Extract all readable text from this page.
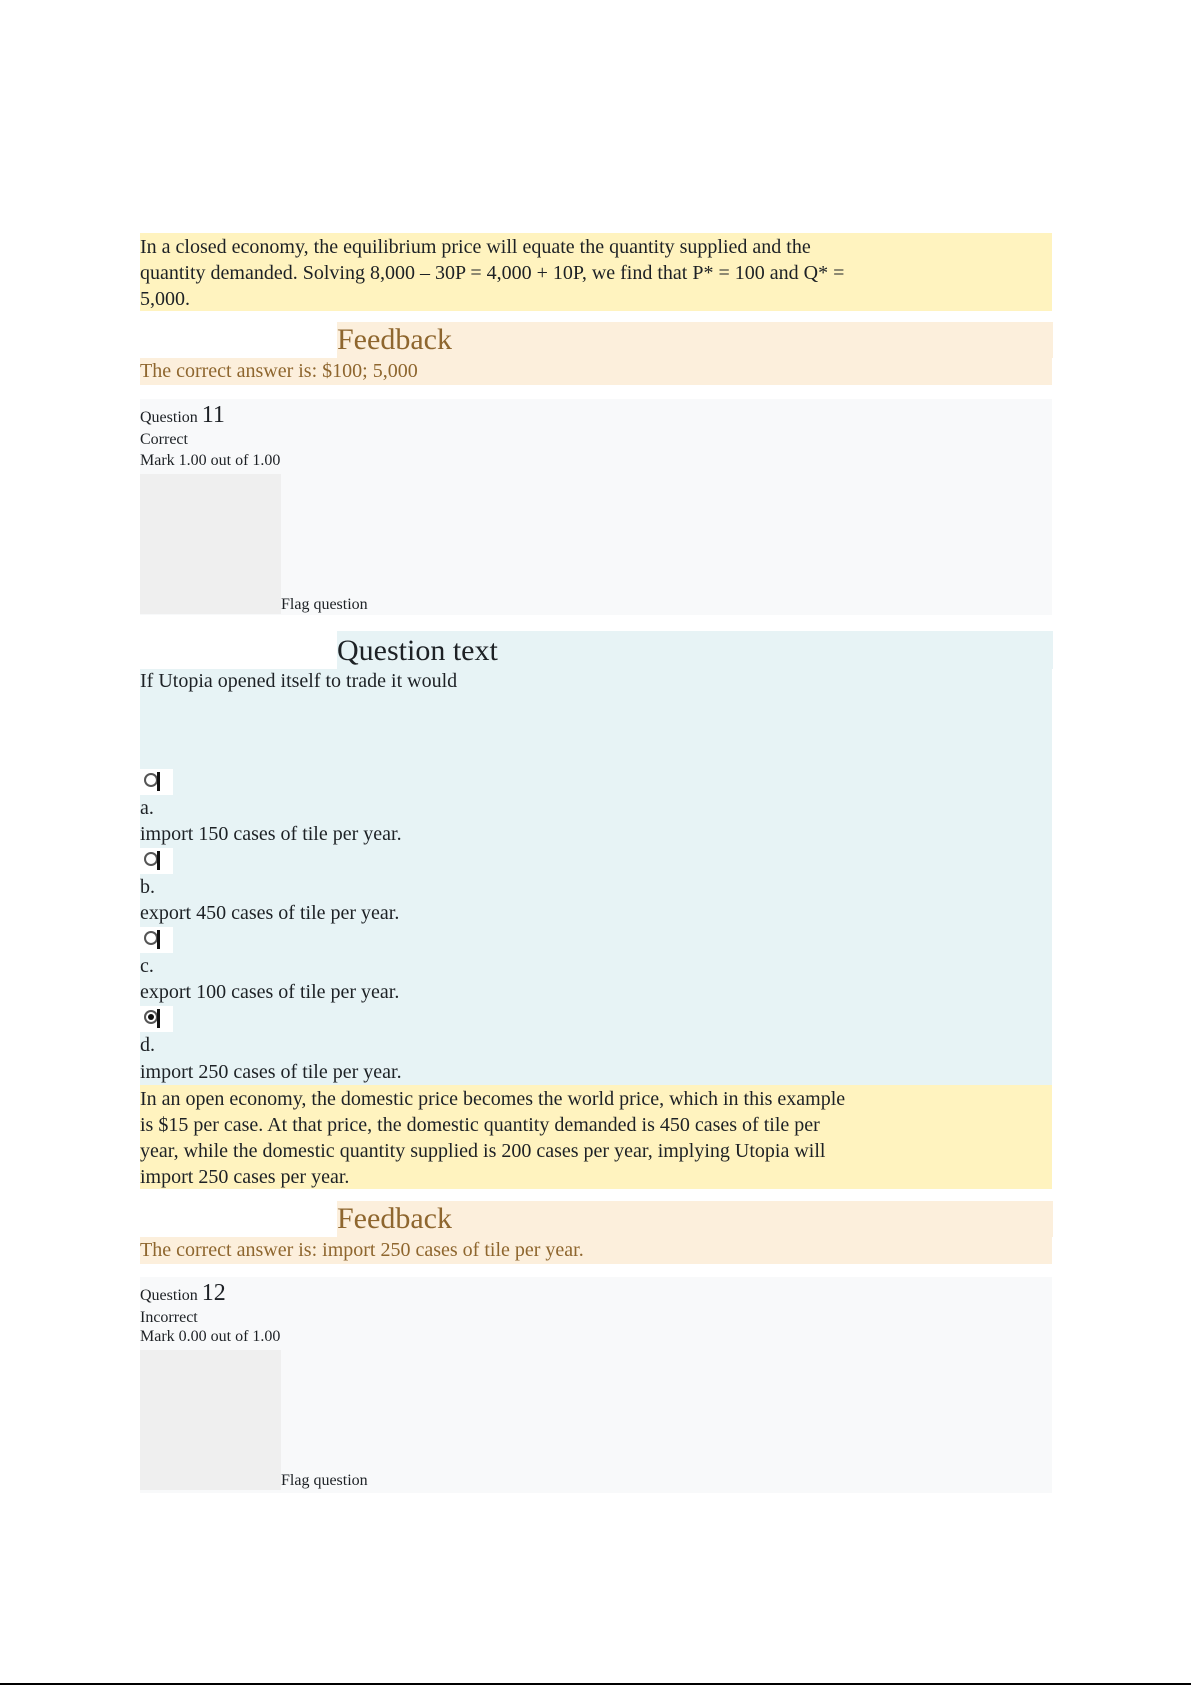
In a closed economy, the equilibrium price will equate the quantity supplied and the quantity demanded. Solving 8,000 – 30P = 4,000 + 10P, we find that P* = 100 and Q* = 5,000.
Feedback
The correct answer is: $100; 5,000
Question 11
Correct
Mark 1.00 out of 1.00
Flag question
Question text
If Utopia opened itself to trade it would
a.
import 150 cases of tile per year.
b.
export 450 cases of tile per year.
c.
export 100 cases of tile per year.
d.
import 250 cases of tile per year.
In an open economy, the domestic price becomes the world price, which in this example is $15 per case. At that price, the domestic quantity demanded is 450 cases of tile per year, while the domestic quantity supplied is 200 cases per year, implying Utopia will import 250 cases per year.
Feedback
The correct answer is: import 250 cases of tile per year.
Question 12
Incorrect
Mark 0.00 out of 1.00
Flag question
